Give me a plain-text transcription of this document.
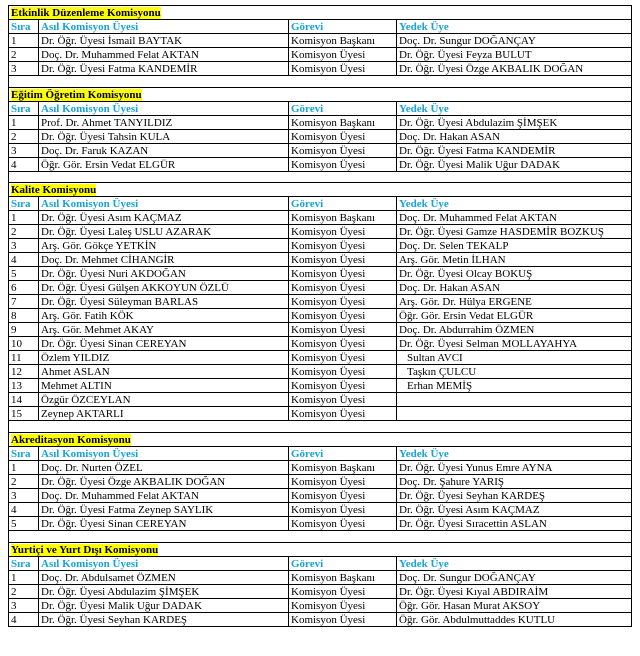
Etkinlik Düzenleme Komisyonu			
Sıra	Asıl Komisyon Üyesi	Görevi	Yedek Üye
1	Dr. Öğr. Üyesi İsmail BAYTAK	Komisyon Başkanı	Doç. Dr. Sungur DOĞANÇAY
2	Doç. Dr. Muhammed Felat AKTAN	Komisyon Üyesi	Dr. Öğr. Üyesi Feyza BULUT
3	Dr. Öğr. Üyesi Fatma KANDEMİR	Komisyon Üyesi	Dr. Öğr. Üyesi Özge AKBALIK DOĞAN

Eğitim Öğretim Komisyonu			
Sıra	Asıl Komisyon Üyesi	Görevi	Yedek Üye
1	Prof. Dr. Ahmet TANYILDIZ	Komisyon Başkanı	Dr. Öğr. Üyesi Abdulazim ŞİMŞEK
2	Dr. Öğr. Üyesi Tahsin KULA	Komisyon Üyesi	Doç. Dr. Hakan ASAN
3	Doç. Dr. Faruk KAZAN	Komisyon Üyesi	Dr. Öğr. Üyesi Fatma KANDEMİR
4	Öğr. Gör. Ersin Vedat ELGÜR	Komisyon Üyesi	Dr. Öğr. Üyesi Malik Uğur DADAK

Kalite Komisyonu			
Sıra	Asıl Komisyon Üyesi	Görevi	Yedek Üye
1	Dr. Öğr. Üyesi Asım KAÇMAZ	Komisyon Başkanı	Doç. Dr. Muhammed Felat AKTAN
2	Dr. Öğr. Üyesi Laleş USLU AZARAK	Komisyon Üyesi	Dr. Öğr. Üyesi Gamze HASDEMİR BOZKUŞ
3	Arş. Gör. Gökçe YETKİN	Komisyon Üyesi	Doç. Dr. Selen TEKALP
4	Doç. Dr. Mehmet CİHANGİR	Komisyon Üyesi	Arş. Gör. Metin İLHAN
5	Dr. Öğr. Üyesi Nuri AKDOĞAN	Komisyon Üyesi	Dr. Öğr. Üyesi Olcay BOKUŞ
6	Dr. Öğr. Üyesi Gülşen AKKOYUN ÖZLÜ	Komisyon Üyesi	Doç. Dr. Hakan ASAN
7	Dr. Öğr. Üyesi Süleyman BARLAS	Komisyon Üyesi	Arş. Gör. Dr. Hülya ERGENE
8	Arş. Gör. Fatih KÖK	Komisyon Üyesi	Öğr. Gör. Ersin Vedat ELGÜR
9	Arş. Gör. Mehmet AKAY	Komisyon Üyesi	Doç. Dr. Abdurrahim ÖZMEN
10	Dr. Öğr. Üyesi Sinan CEREYAN	Komisyon Üyesi	Dr. Öğr. Üyesi Selman MOLLAYAHYA
11	Özlem YILDIZ	Komisyon Üyesi	Sultan AVCI
12	Ahmet ASLAN	Komisyon Üyesi	Taşkın ÇULCU
13	Mehmet ALTIN	Komisyon Üyesi	Erhan MEMİŞ
14	Özgür ÖZCEYLAN	Komisyon Üyesi	
15	Zeynep AKTARLI	Komisyon Üyesi	

Akreditasyon Komisyonu			
Sıra	Asıl Komisyon Üyesi	Görevi	Yedek Üye
1	Doç. Dr. Nurten ÖZEL	Komisyon Başkanı	Dr. Öğr. Üyesi Yunus Emre AYNA
2	Dr. Öğr. Üyesi Özge AKBALIK DOĞAN	Komisyon Üyesi	Doç. Dr. Şahure YARIŞ
3	Doç. Dr. Muhammed Felat AKTAN	Komisyon Üyesi	Dr. Öğr. Üyesi Seyhan KARDEŞ
4	Dr. Öğr. Üyesi Fatma Zeynep SAYLIK	Komisyon Üyesi	Dr. Öğr. Üyesi Asım KAÇMAZ
5	Dr. Öğr. Üyesi Sinan CEREYAN	Komisyon Üyesi	Dr. Öğr. Üyesi Sıracettin ASLAN

Yurtiçi ve Yurt Dışı Komisyonu			
Sıra	Asıl Komisyon Üyesi	Görevi	Yedek Üye
1	Doç. Dr. Abdulsamet ÖZMEN	Komisyon Başkanı	Doç. Dr. Sungur DOĞANÇAY
2	Dr. Öğr. Üyesi Abdulazim ŞİMŞEK	Komisyon Üyesi	Dr. Öğr. Üyesi Kıyal ABDIRAİM
3	Dr. Öğr. Üyesi Malik Uğur DADAK	Komisyon Üyesi	Öğr. Gör. Hasan Murat AKSOY
4	Dr. Öğr. Üyesi Seyhan KARDEŞ	Komisyon Üyesi	Öğr. Gör. Abdulmuttaddes KUTLU
